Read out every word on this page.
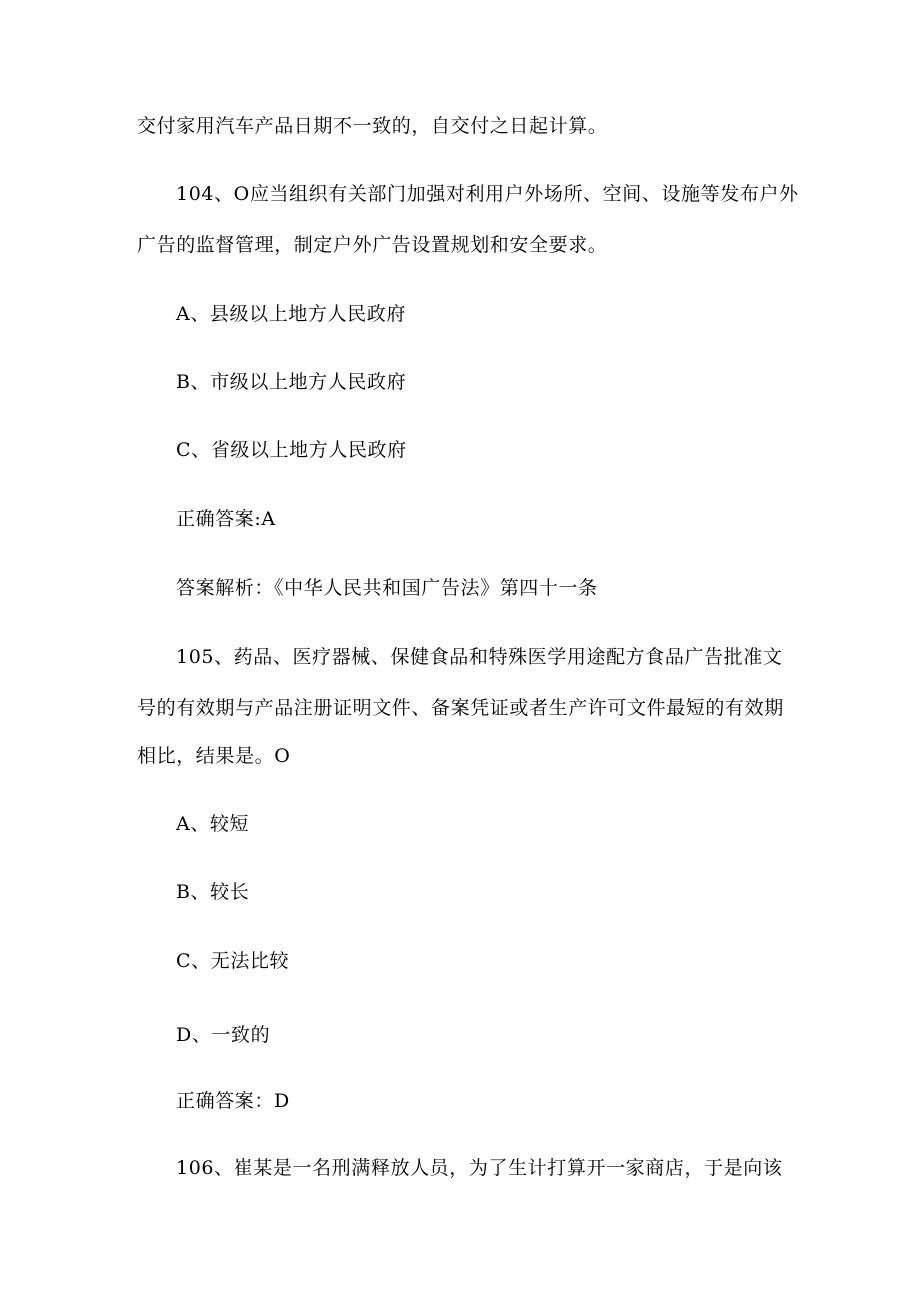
交付家用汽车产品日期不一致的，自交付之日起计算。
104、O应当组织有关部门加强对利用户外场所、空间、设施等发布户外
广告的监督管理，制定户外广告设置规划和安全要求。
A、县级以上地方人民政府
B、市级以上地方人民政府
C、省级以上地方人民政府
正确答案:A
答案解析：《中华人民共和国广告法》第四十一条
105、药品、医疗器械、保健食品和特殊医学用途配方食品广告批准文
号的有效期与产品注册证明文件、备案凭证或者生产许可文件最短的有效期
相比，结果是。O
A、较短
B、较长
C、无法比较
D、一致的
正确答案：D
106、崔某是一名刑满释放人员，为了生计打算开一家商店，于是向该
